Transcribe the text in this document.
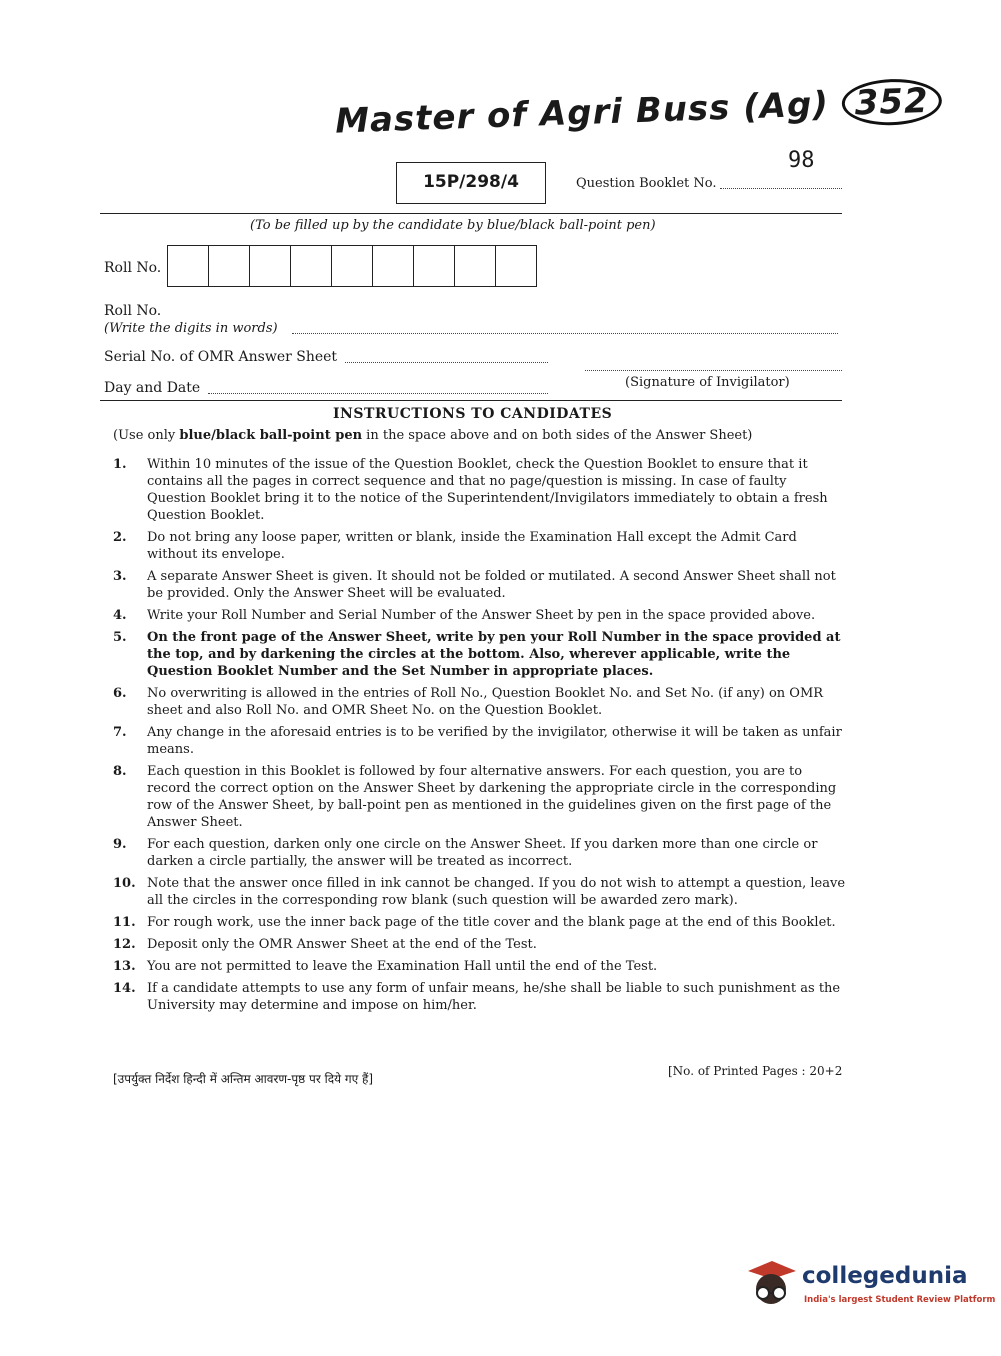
Master of Agri Buss (Ag) 352
15P/298/4	Question Booklet No.
98
(To be filled up by the candidate by blue/black ball-point pen)
Roll No.
Roll No.
(Write the digits in words)
Serial No. of OMR Answer Sheet
Day and Date	(Signature of Invigilator)
INSTRUCTIONS TO CANDIDATES
(Use only blue/black ball-point pen in the space above and on both sides of the Answer Sheet)
1.	Within 10 minutes of the issue of the Question Booklet, check the Question Booklet to ensure that it contains all the pages in correct sequence and that no page/question is missing. In case of faulty Question Booklet bring it to the notice of the Superintendent/Invigilators immediately to obtain a fresh Question Booklet.
2.	Do not bring any loose paper, written or blank, inside the Examination Hall except the Admit Card without its envelope.
3.	A separate Answer Sheet is given. It should not be folded or mutilated. A second Answer Sheet shall not be provided. Only the Answer Sheet will be evaluated.
4.	Write your Roll Number and Serial Number of the Answer Sheet by pen in the space provided above.
5.	On the front page of the Answer Sheet, write by pen your Roll Number in the space provided at the top, and by darkening the circles at the bottom. Also, wherever applicable, write the Question Booklet Number and the Set Number in appropriate places.
6.	No overwriting is allowed in the entries of Roll No., Question Booklet No. and Set No. (if any) on OMR sheet and also Roll No. and OMR Sheet No. on the Question Booklet.
7.	Any change in the aforesaid entries is to be verified by the invigilator, otherwise it will be taken as unfair means.
8.	Each question in this Booklet is followed by four alternative answers. For each question, you are to record the correct option on the Answer Sheet by darkening the appropriate circle in the corresponding row of the Answer Sheet, by ball-point pen as mentioned in the guidelines given on the first page of the Answer Sheet.
9.	For each question, darken only one circle on the Answer Sheet. If you darken more than one circle or darken a circle partially, the answer will be treated as incorrect.
10. Note that the answer once filled in ink cannot be changed. If you do not wish to attempt a question, leave all the circles in the corresponding row blank (such question will be awarded zero mark).
11. For rough work, use the inner back page of the title cover and the blank page at the end of this Booklet.
12. Deposit only the OMR Answer Sheet at the end of the Test.
13. You are not permitted to leave the Examination Hall until the end of the Test.
14. If a candidate attempts to use any form of unfair means, he/she shall be liable to such punishment as the University may determine and impose on him/her.
[उपर्युक्त निर्देश हिन्दी में अन्तिम आवरण-पृष्ठ पर दिये गए हैं]
[No. of Printed Pages : 20+2
collegedunia
India's largest Student Review Platform
